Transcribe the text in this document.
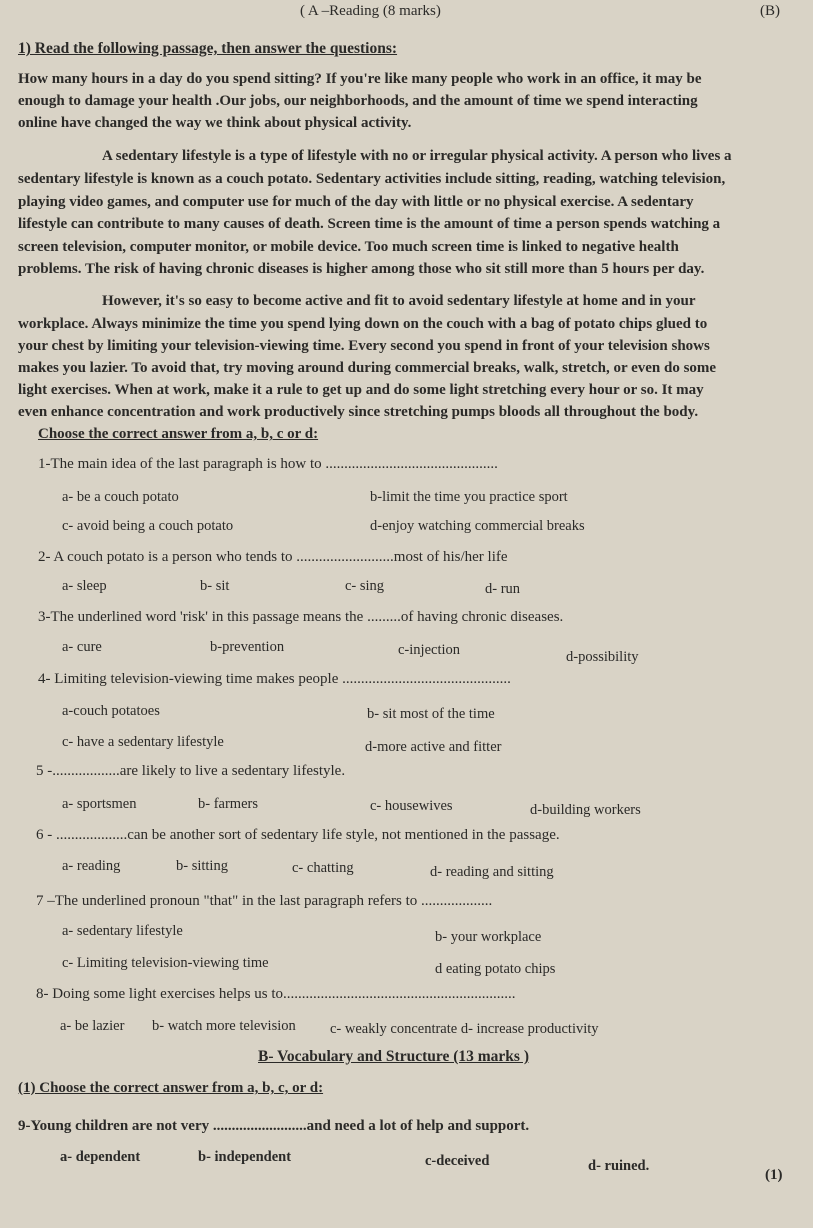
( A –Reading (8 marks)	(B)
1) Read the following passage, then answer the questions:
How many hours in a day do you spend sitting? If you're like many people who work in an office, it may be
enough to damage your health .Our jobs, our neighborhoods, and the amount of time we spend interacting
online have changed the way we think about physical activity.
A sedentary lifestyle is a type of lifestyle with no or irregular physical activity. A person who lives a
sedentary lifestyle is known as a couch potato. Sedentary activities include sitting, reading, watching television,
playing video games, and computer use for much of the day with little or no physical exercise. A sedentary
lifestyle can contribute to many causes of death. Screen time is the amount of time a person spends watching a
screen television, computer monitor, or mobile device. Too much screen time is linked to negative health
problems. The risk of having chronic diseases is higher among those who sit still more than 5 hours per day.
However, it's so easy to become active and fit to avoid sedentary lifestyle at home and in your
workplace. Always minimize the time you spend lying down on the couch with a bag of potato chips glued to
your chest by limiting your television-viewing time. Every second you spend in front of your television shows
makes you lazier. To avoid that, try moving around during commercial breaks, walk, stretch, or even do some
light exercises. When at work, make it a rule to get up and do some light stretching every hour or so. It may
even enhance concentration and work productively since stretching pumps bloods all throughout the body.
Choose the correct answer from a, b, c or d:
1-The main idea of the last paragraph is how to ..............................................
a- be a couch potato	b-limit the time you practice sport
c- avoid being a couch potato	d-enjoy watching commercial breaks
2- A couch potato is a person who tends to ..........................most of his/her life
a- sleep	b- sit	c- sing	d- run
3-The underlined word 'risk' in this passage means the .........of having chronic diseases.
a- cure	b-prevention	c-injection	d-possibility
4- Limiting television-viewing time makes people .............................................
a-couch potatoes	b- sit most of the time
c- have a sedentary lifestyle	d-more active and fitter
5 -..................are likely to live a sedentary lifestyle.
a- sportsmen	b- farmers	c- housewives	d-building workers
6 - ...................can be another sort of sedentary life style, not mentioned in the passage.
a- reading	b- sitting	c- chatting	d- reading and sitting
7 –The underlined pronoun "that" in the last paragraph refers to ...................
a- sedentary lifestyle	b- your workplace
c- Limiting television-viewing time	d eating potato chips
8- Doing some light exercises helps us to..............................................................
a- be lazier b- watch more television c- weakly concentrate d- increase productivity
B- Vocabulary and Structure (13 marks )
(1) Choose the correct answer from a, b, c, or d:
9-Young children are not very .........................and need a lot of help and support.
a- dependent	b- independent	c-deceived	d- ruined.
(1)
